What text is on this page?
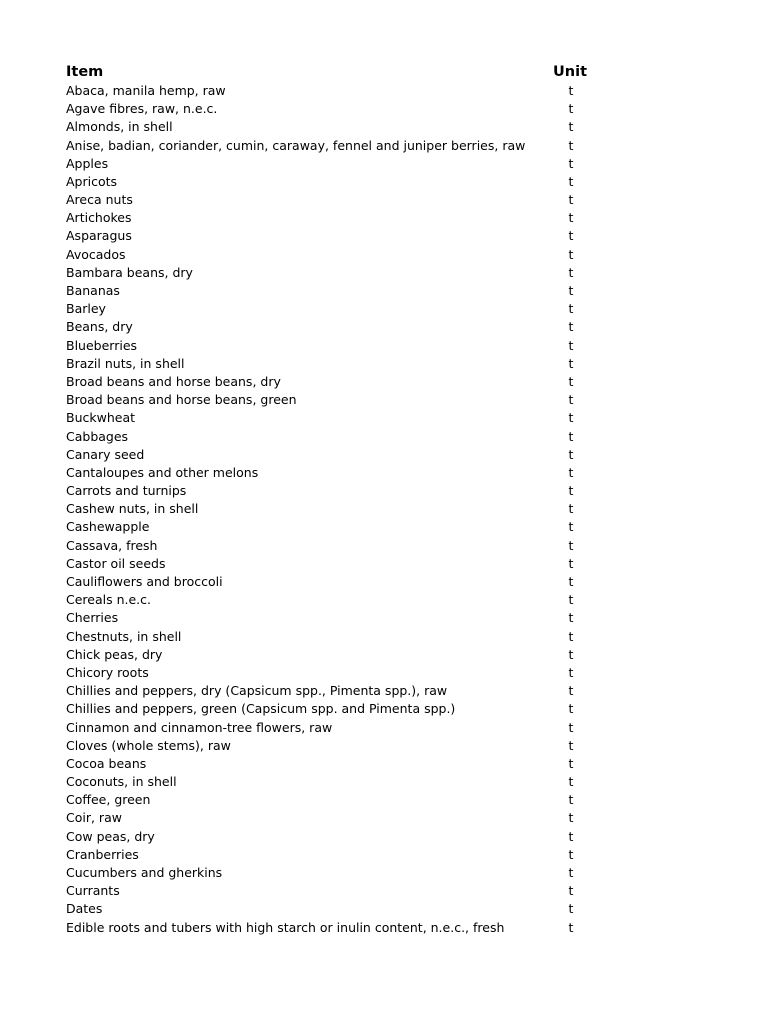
Item	Unit
Abaca, manila hemp, raw	t
Agave fibres, raw, n.e.c.	t
Almonds, in shell	t
Anise, badian, coriander, cumin, caraway, fennel and juniper berries, raw	t
Apples	t
Apricots	t
Areca nuts	t
Artichokes	t
Asparagus	t
Avocados	t
Bambara beans, dry	t
Bananas	t
Barley	t
Beans, dry	t
Blueberries	t
Brazil nuts, in shell	t
Broad beans and horse beans, dry	t
Broad beans and horse beans, green	t
Buckwheat	t
Cabbages	t
Canary seed	t
Cantaloupes and other melons	t
Carrots and turnips	t
Cashew nuts, in shell	t
Cashewapple	t
Cassava, fresh	t
Castor oil seeds	t
Cauliflowers and broccoli	t
Cereals n.e.c.	t
Cherries	t
Chestnuts, in shell	t
Chick peas, dry	t
Chicory roots	t
Chillies and peppers, dry (Capsicum spp., Pimenta spp.), raw	t
Chillies and peppers, green (Capsicum spp. and Pimenta spp.)	t
Cinnamon and cinnamon-tree flowers, raw	t
Cloves (whole stems), raw	t
Cocoa beans	t
Coconuts, in shell	t
Coffee, green	t
Coir, raw	t
Cow peas, dry	t
Cranberries	t
Cucumbers and gherkins	t
Currants	t
Dates	t
Edible roots and tubers with high starch or inulin content, n.e.c., fresh	t
